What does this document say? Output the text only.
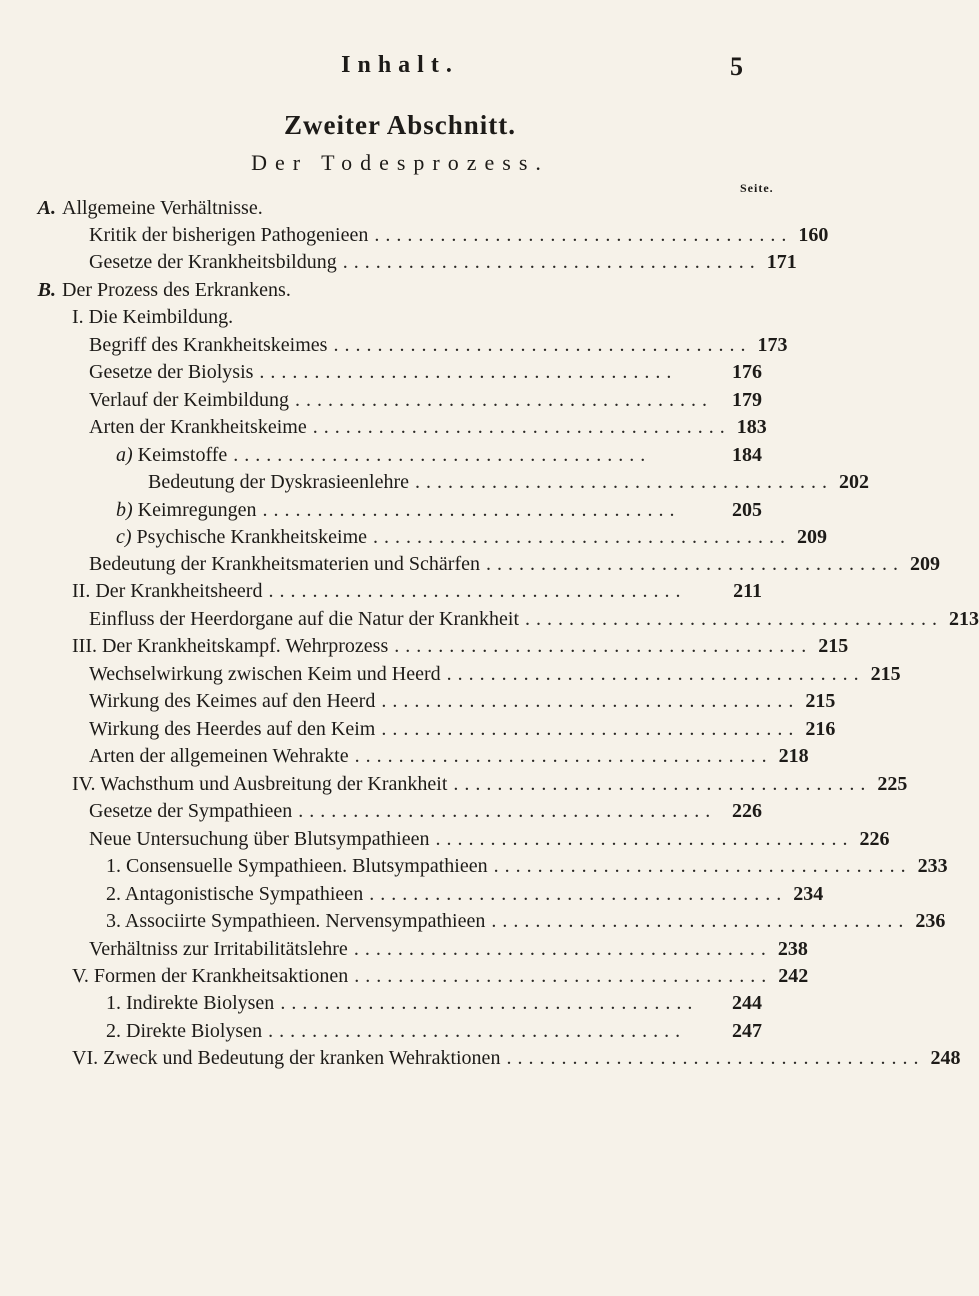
Inhalt.	5
Zweiter Abschnitt.
Der Todesprozess.
Seite.
A. Allgemeine Verhältnisse.
Kritik der bisherigen Pathogenieen ...................................... 160
Gesetze der Krankheitsbildung ...................................... 171
B. Der Prozess des Erkrankens.
I. Die Keimbildung.
Begriff des Krankheitskeimes ...................................... 173
Gesetze der Biolysis ......................................	176
Verlauf der Keimbildung ...................................... 179
Arten der Krankheitskeime ...................................... 183
a) Keimstoffe ......................................	184
Bedeutung der Dyskrasieenlehre ...................................... 202
b) Keimregungen ......................................	205
c) Psychische Krankheitskeime ...................................... 209
Bedeutung der Krankheitsmaterien und Schärfen ...................................... 209
II. Der Krankheitsheerd ......................................	211
Einfluss der Heerdorgane auf die Natur der Krankheit ...................................... 213
III. Der Krankheitskampf. Wehrprozess ...................................... 215
Wechselwirkung zwischen Keim und Heerd ...................................... 215
Wirkung des Keimes auf den Heerd ...................................... 215
Wirkung des Heerdes auf den Keim ...................................... 216
Arten der allgemeinen Wehrakte ...................................... 218
IV. Wachsthum und Ausbreitung der Krankheit ...................................... 225
Gesetze der Sympathieen ...................................... 226
Neue Untersuchung über Blutsympathieen ...................................... 226
1. Consensuelle Sympathieen. Blutsympathieen ...................................... 233
2. Antagonistische Sympathieen ...................................... 234
3. Associirte Sympathieen. Nervensympathieen ...................................... 236
Verhältniss zur Irritabilitätslehre ...................................... 238
V. Formen der Krankheitsaktionen ...................................... 242
1. Indirekte Biolysen ......................................	244
2. Direkte Biolysen ......................................	247
VI. Zweck und Bedeutung der kranken Wehraktionen ...................................... 248
